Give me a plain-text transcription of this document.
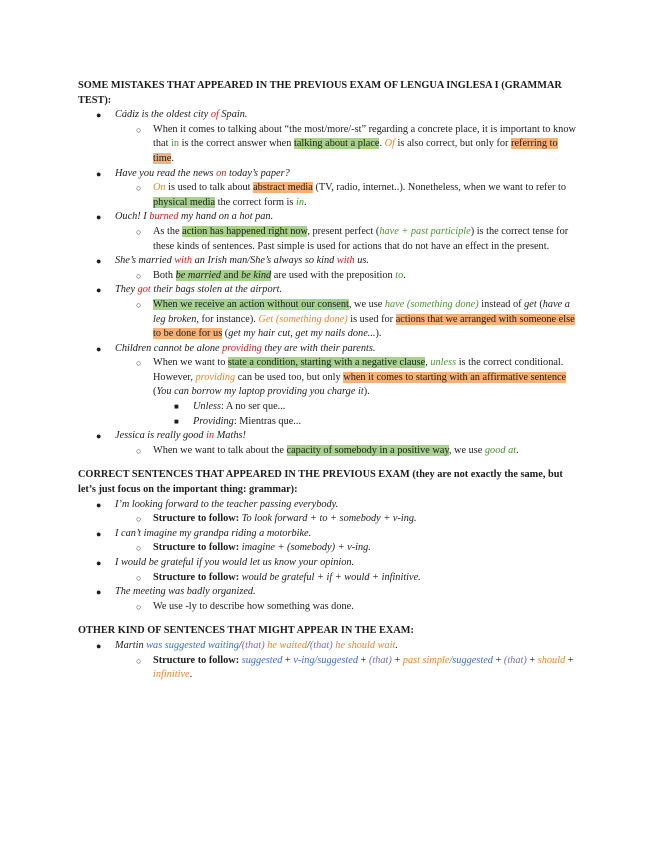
SOME MISTAKES THAT APPEARED IN THE PREVIOUS EXAM OF LENGUA INGLESA I (GRAMMAR TEST):

● Cádiz is the oldest city of Spain.
○ When it comes to talking about “the most/more/-st” regarding a concrete place, it is important to know that in is the correct answer when talking about a place. Of is also correct, but only for referring to time.
● Have you read the news on today’s paper?
○ On is used to talk about abstract media (TV, radio, internet..). Nonetheless, when we want to refer to physical media the correct form is in.
● Ouch! I burned my hand on a hot pan.
○ As the action has happened right now, present perfect (have + past participle) is the correct tense for these kinds of sentences. Past simple is used for actions that do not have an effect in the present.
● She’s married with an Irish man/She’s always so kind with us.
○ Both be married and be kind are used with the preposition to.
● They got their bags stolen at the airport.
○ When we receive an action without our consent, we use have (something done) instead of get (have a leg broken, for instance). Get (something done) is used for actions that we arranged with someone else to be done for us (get my hair cut, get my nails done...).
● Children cannot be alone providing they are with their parents.
○ When we want to state a condition, starting with a negative clause, unless is the correct conditional. However, providing can be used too, but only when it comes to starting with an affirmative sentence (You can borrow my laptop providing you charge it).
■ Unless: A no ser que...
■ Providing: Mientras que...
● Jessica is really good in Maths!
○ When we want to talk about the capacity of somebody in a positive way, we use good at.

CORRECT SENTENCES THAT APPEARED IN THE PREVIOUS EXAM (they are not exactly the same, but let’s just focus on the important thing: grammar):

● I’m looking forward to the teacher passing everybody.
○ Structure to follow: To look forward + to + somebody + v-ing.
● I can’t imagine my grandpa riding a motorbike.
○ Structure to follow: imagine + (somebody) + v-ing.
● I would be grateful if you would let us know your opinion.
○ Structure to follow: would be grateful + if + would + infinitive.
● The meeting was badly organized.
○ We use -ly to describe how something was done.

OTHER KIND OF SENTENCES THAT MIGHT APPEAR IN THE EXAM:

● Martin was suggested waiting/(that) he waited/(that) he should wait.
○ Structure to follow: suggested + v-ing/suggested + (that) + past simple/suggested + (that) + should + infinitive.
